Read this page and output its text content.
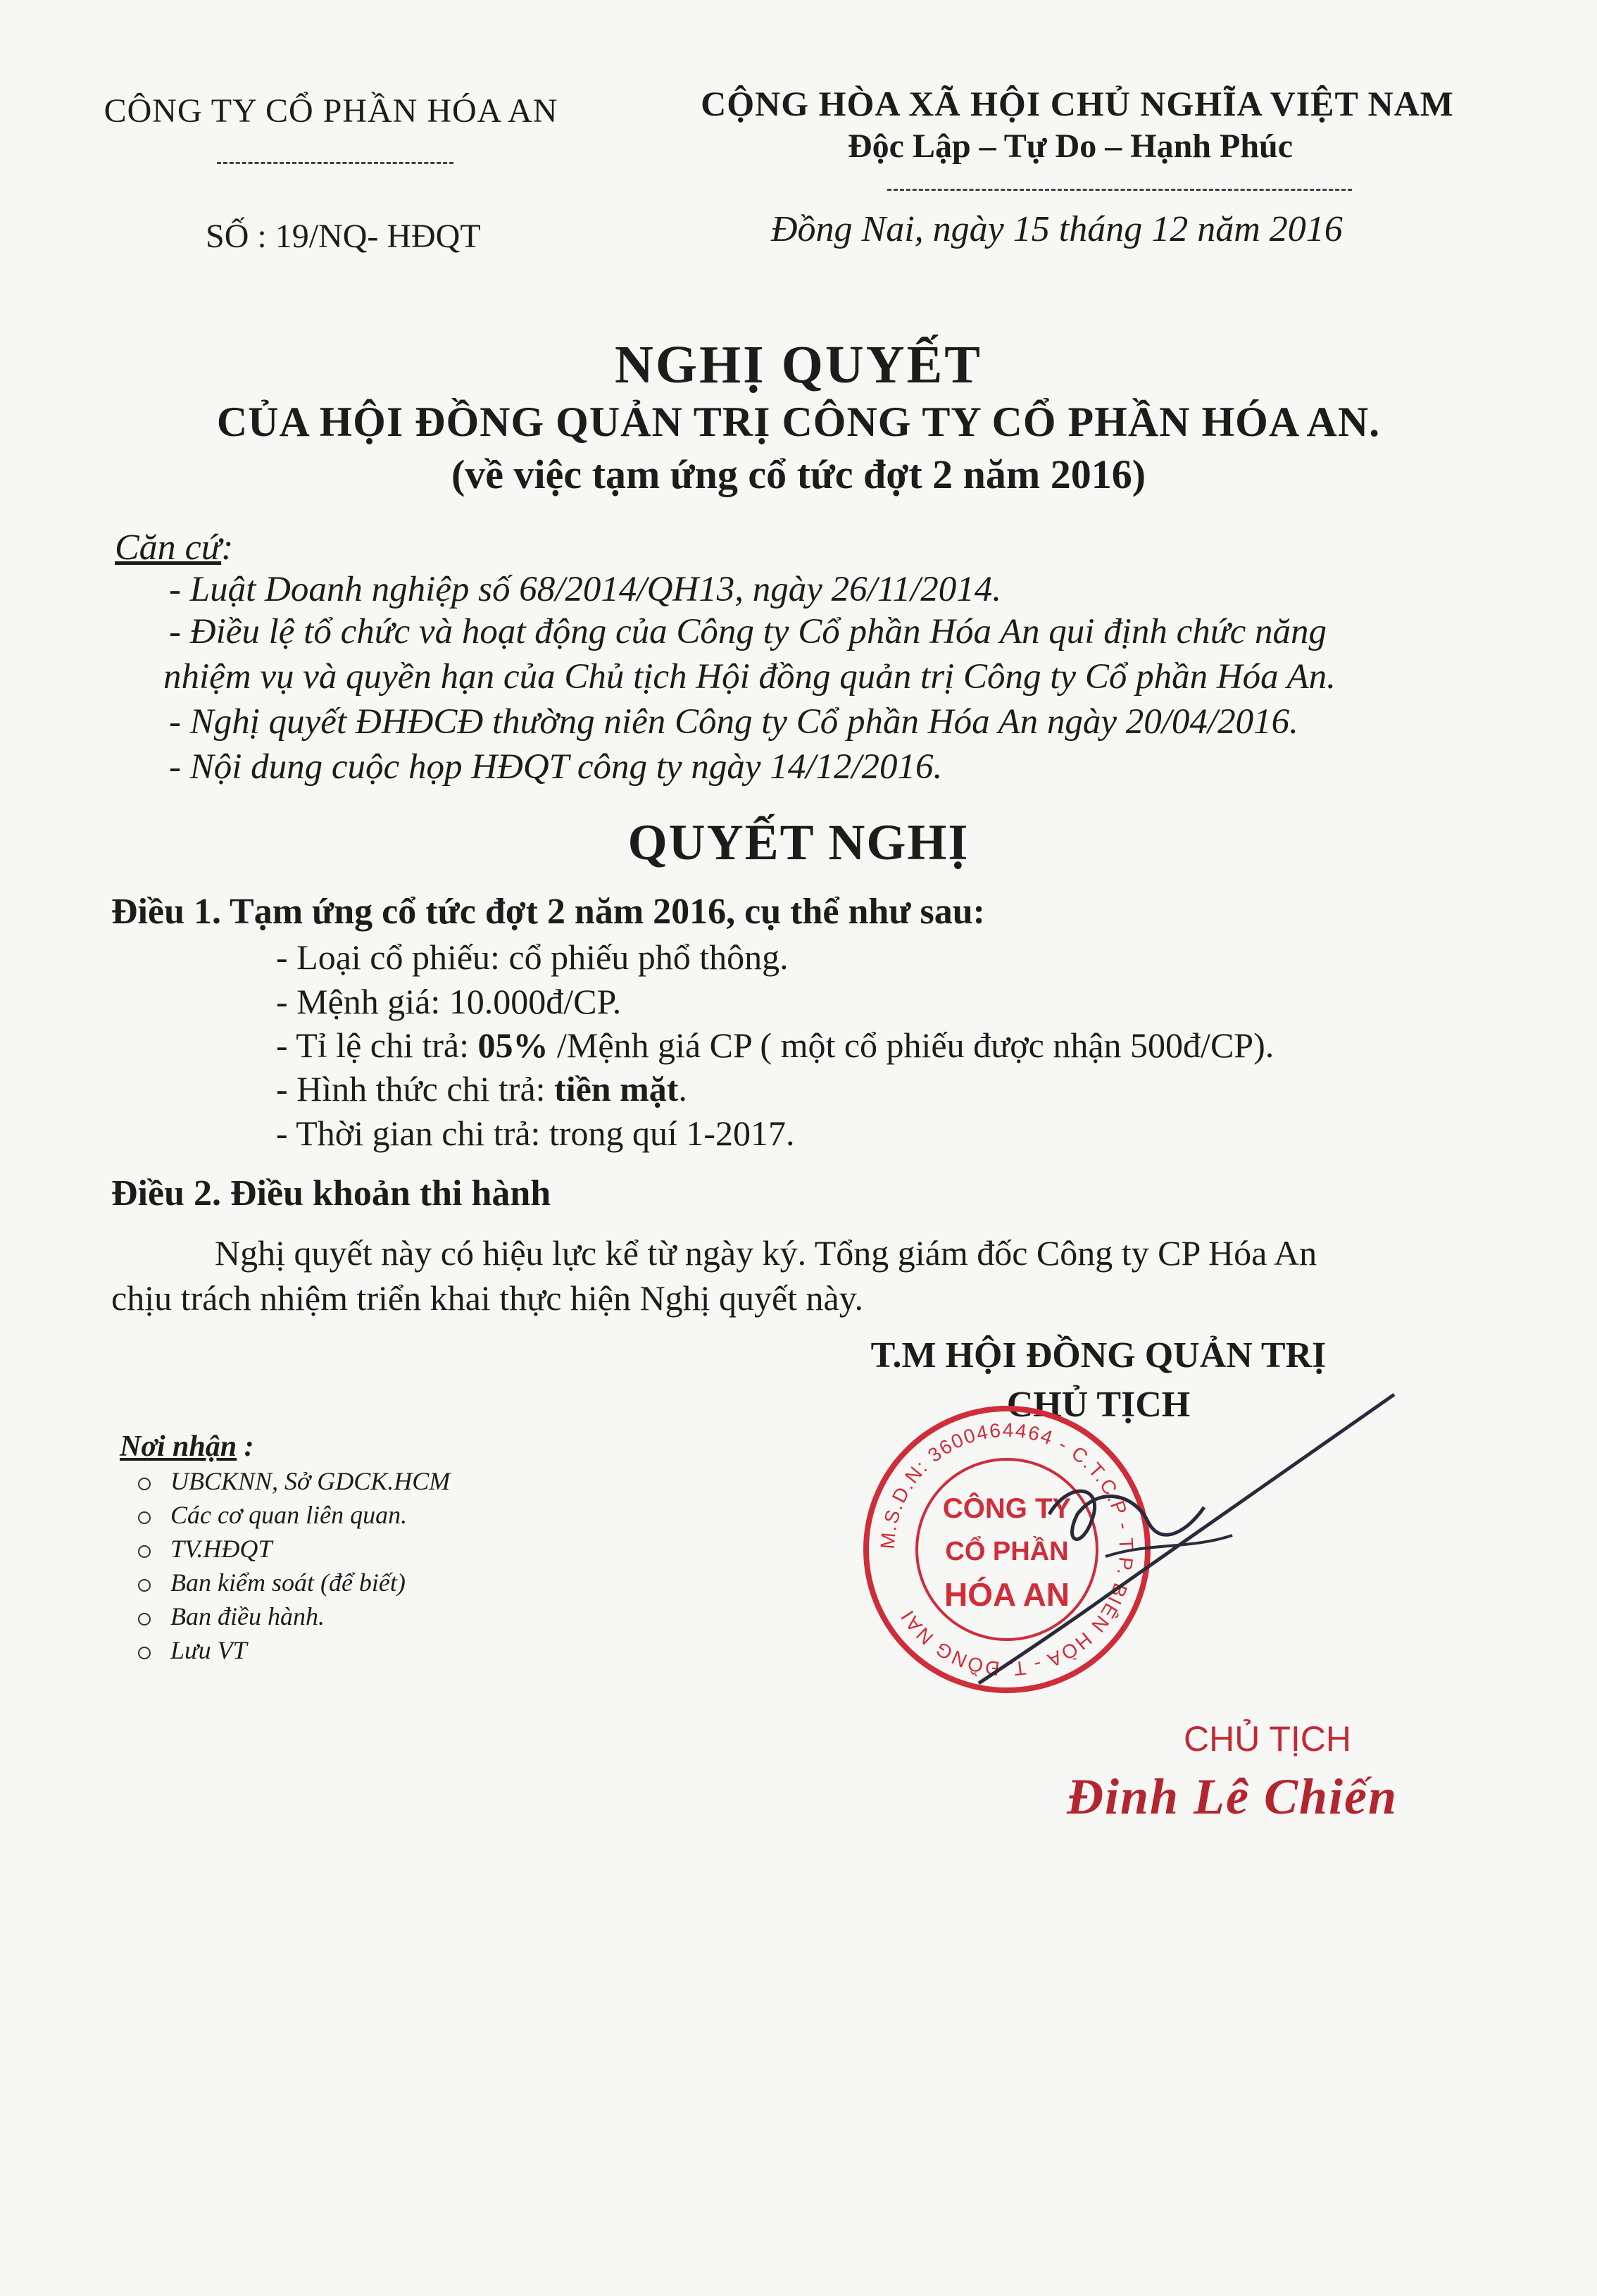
CÔNG TY CỔ PHẦN HÓA AN	CỘNG HÒA XÃ HỘI CHỦ NGHĨA VIỆT NAM
Độc Lập – Tự Do – Hạnh Phúc
SỐ : 19/NQ- HĐQT	Đồng Nai, ngày 15 tháng 12 năm 2016
NGHỊ QUYẾT
CỦA HỘI ĐỒNG QUẢN TRỊ CÔNG TY CỔ PHẦN HÓA AN.
(về việc tạm ứng cổ tức đợt 2 năm 2016)
Căn cứ:
- Luật Doanh nghiệp số 68/2014/QH13, ngày 26/11/2014.
- Điều lệ tổ chức và hoạt động của Công ty Cổ phần Hóa An qui định chức năng
nhiệm vụ và quyền hạn của Chủ tịch Hội đồng quản trị Công ty Cổ phần Hóa An.
- Nghị quyết ĐHĐCĐ thường niên Công ty Cổ phần Hóa An ngày 20/04/2016.
- Nội dung cuộc họp HĐQT công ty ngày 14/12/2016.
QUYẾT NGHỊ
Điều 1. Tạm ứng cổ tức đợt 2 năm 2016, cụ thể như sau:
- Loại cổ phiếu: cổ phiếu phổ thông.
- Mệnh giá: 10.000đ/CP.
- Tỉ lệ chi trả: 05% /Mệnh giá CP ( một cổ phiếu được nhận 500đ/CP).
- Hình thức chi trả: tiền mặt.
- Thời gian chi trả: trong quí 1-2017.
Điều 2. Điều khoản thi hành
Nghị quyết này có hiệu lực kể từ ngày ký. Tổng giám đốc Công ty CP Hóa An
chịu trách nhiệm triển khai thực hiện Nghị quyết này.
T.M HỘI ĐỒNG QUẢN TRỊ
CHỦ TỊCH
Nơi nhận :
UBCKNN, Sở GDCK.HCM
Các cơ quan liên quan.
TV.HĐQT
Ban kiểm soát (để biết)
Ban điều hành.
Lưu VT
M.S.D.N: 3600464464 - C.T.C.P - T.P. BIÊN HÒA - T. ĐỒNG NAI
CÔNG TY
CỔ PHẦN
HÓA AN
CHỦ TỊCH
Đinh Lê Chiến
